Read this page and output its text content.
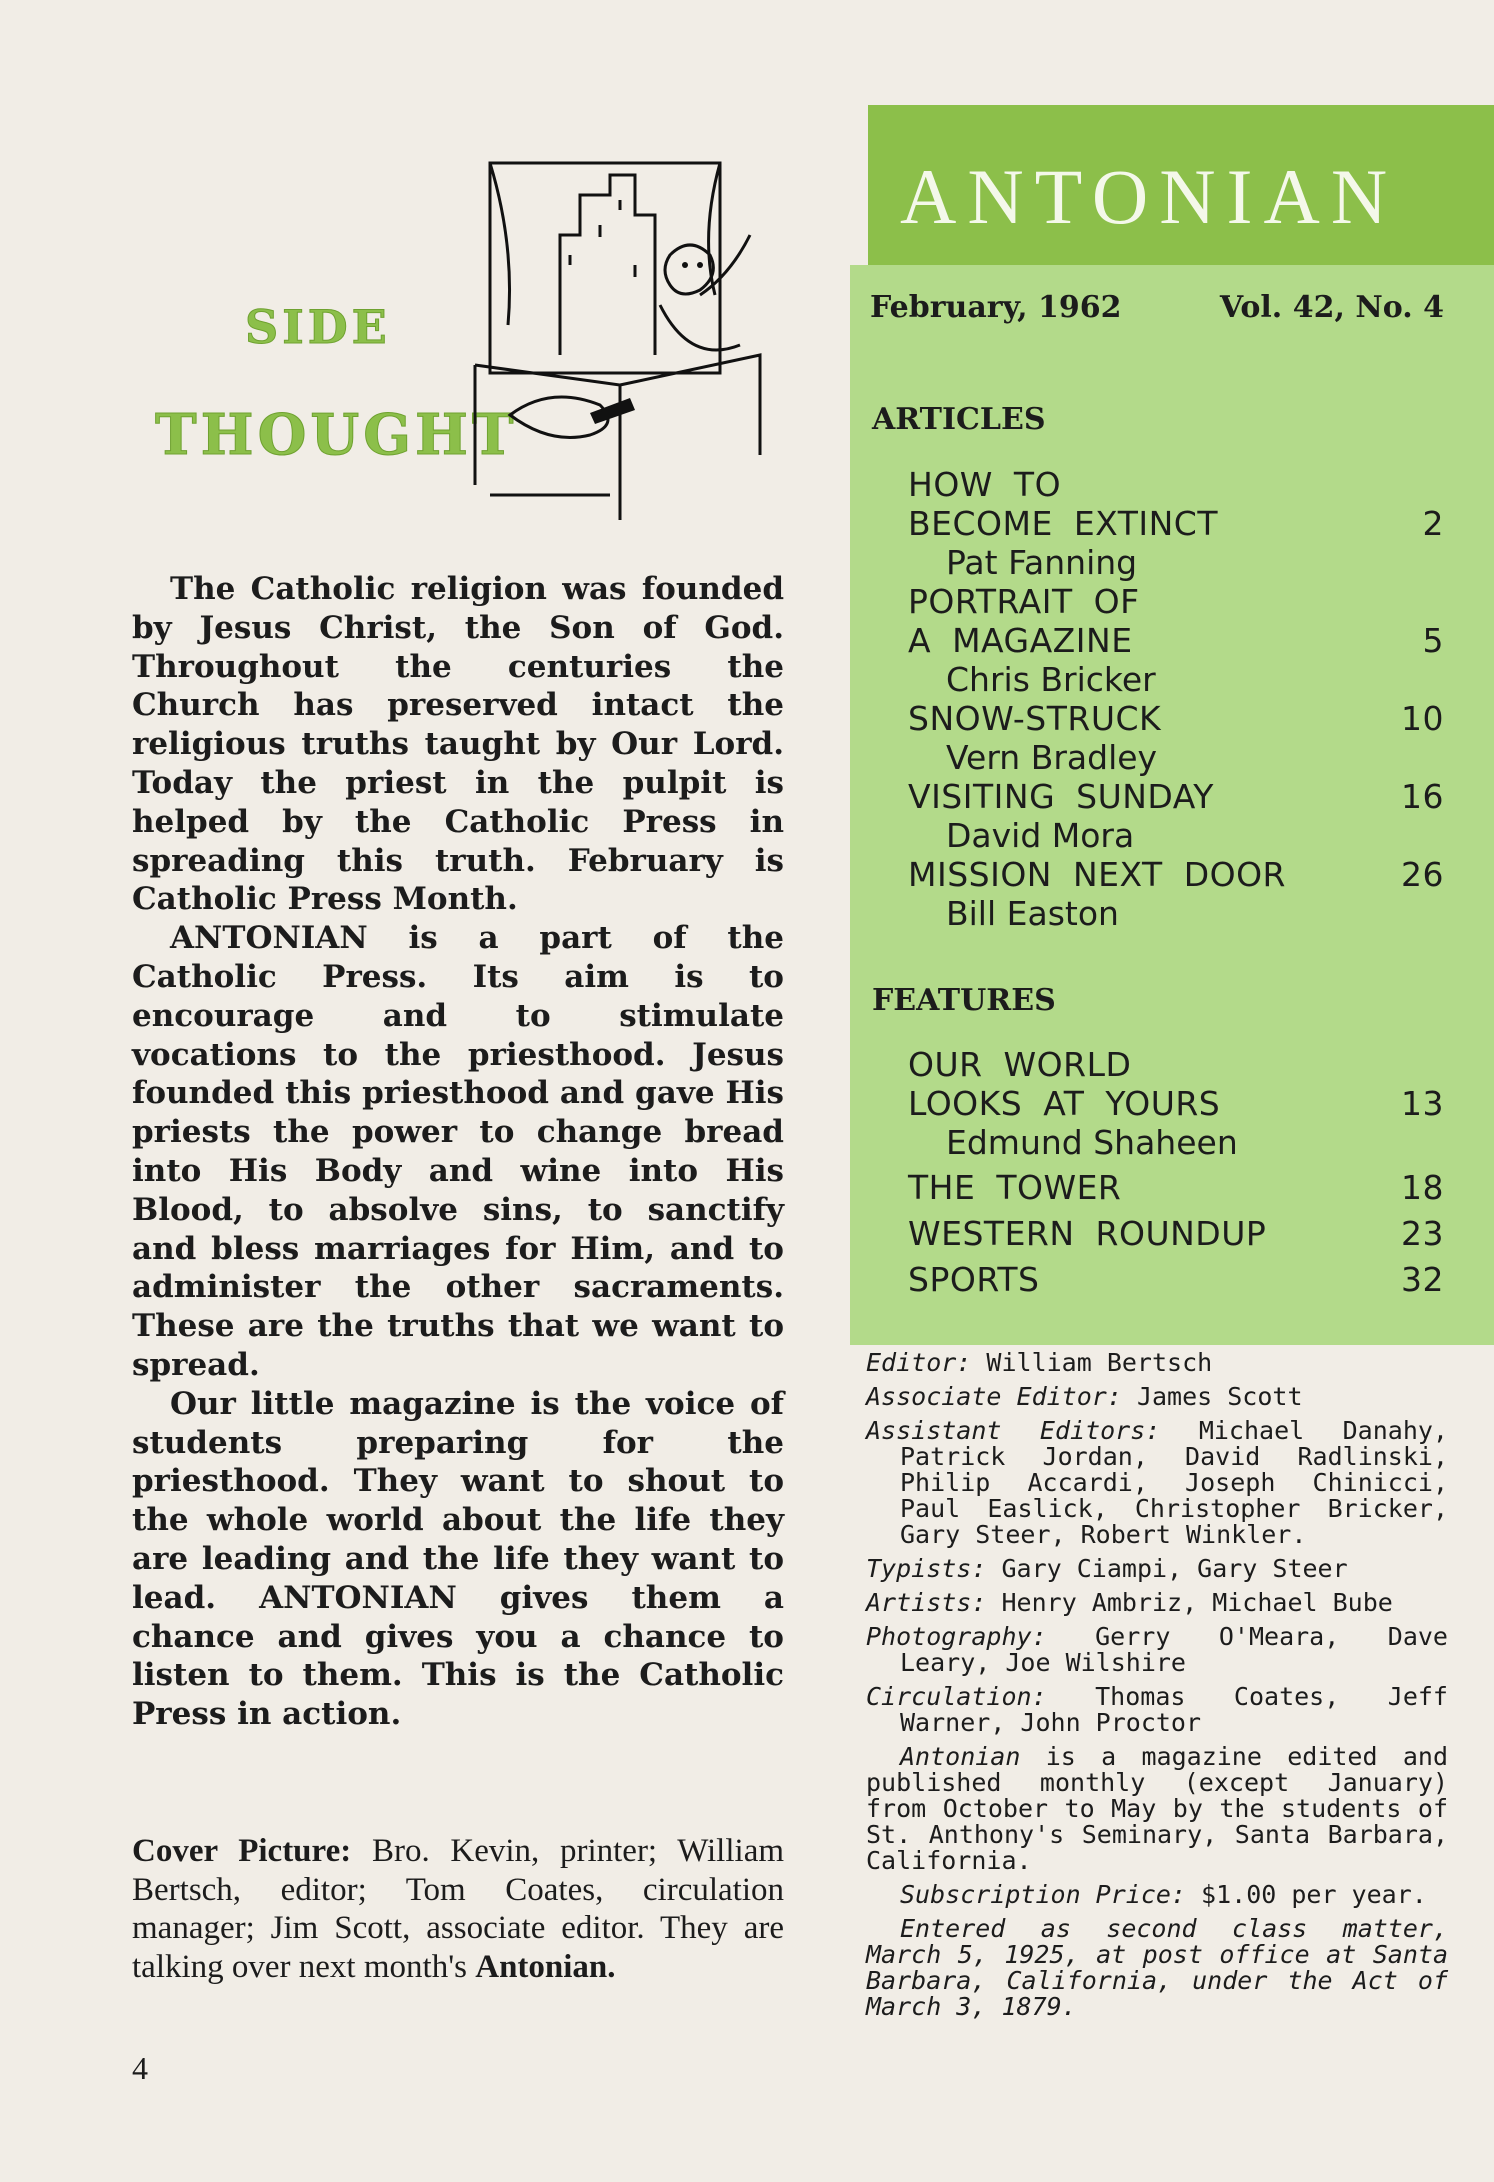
SIDE
THOUGHT

The Catholic religion was founded by Jesus Christ, the Son of God. Throughout the centuries the Church has preserved intact the religious truths taught by Our Lord. Today the priest in the pulpit is helped by the Catholic Press in spreading this truth. February is Catholic Press Month.

ANTONIAN is a part of the Catholic Press. Its aim is to encourage and to stimulate vocations to the priesthood. Jesus founded this priesthood and gave His priests the power to change bread into His Body and wine into His Blood, to absolve sins, to sanctify and bless marriages for Him, and to administer the other sacraments. These are the truths that we want to spread.

Our little magazine is the voice of students preparing for the priesthood. They want to shout to the whole world about the life they are leading and the life they want to lead. ANTONIAN gives them a chance and gives you a chance to listen to them. This is the Catholic Press in action.

Cover Picture: Bro. Kevin, printer; William Bertsch, editor; Tom Coates, circulation manager; Jim Scott, associate editor. They are talking over next month's Antonian.
4
ANTONIAN
February, 1962	Vol. 42, No. 4
ARTICLES
HOW TO
BECOME EXTINCT	2
Pat Fanning
PORTRAIT OF
A MAGAZINE	5
Chris Bricker
SNOW-STRUCK	10
Vern Bradley
VISITING SUNDAY	16
David Mora
MISSION NEXT DOOR	26
Bill Easton
FEATURES
OUR WORLD
LOOKS AT YOURS	13
Edmund Shaheen
THE TOWER	18
WESTERN ROUNDUP	23
SPORTS	32

Editor: William Bertsch

Associate Editor: James Scott

Assistant Editors: Michael Danahy, Patrick Jordan, David Radlinski, Philip Accardi, Joseph Chinicci, Paul Easlick, Christopher Bricker, Gary Steer, Robert Winkler.

Typists: Gary Ciampi, Gary Steer

Artists: Henry Ambriz, Michael Bube

Photography: Gerry O'Meara, Dave Leary, Joe Wilshire

Circulation: Thomas Coates, Jeff Warner, John Proctor

Antonian is a magazine edited and published monthly (except January) from October to May by the students of St. Anthony's Seminary, Santa Barbara, California.

Subscription Price: $1.00 per year.

Entered as second class matter, March 5, 1925, at post office at Santa Barbara, California, under the Act of March 3, 1879.
